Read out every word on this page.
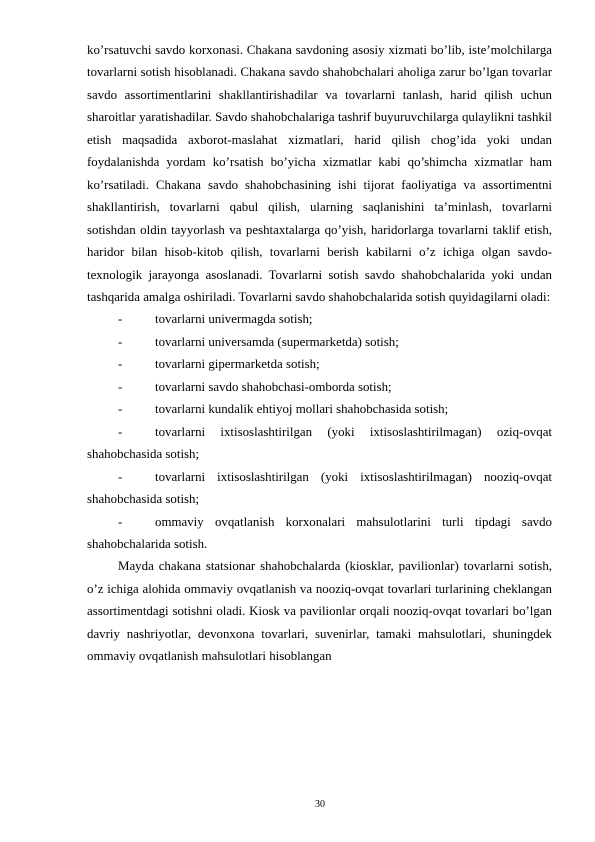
ko’rsatuvchi savdo korxonasi. Chakana savdoning asosiy xizmati bo’lib, iste’molchilarga tovarlarni sotish hisoblanadi. Chakana savdo shahobchalari aholiga zarur bo’lgan tovarlar savdo assortimentlarini shakllantirishadilar va tovarlarni tanlash, harid qilish uchun sharoitlar yaratishadilar. Savdo shahobchalariga tashrif buyuruvchilarga qulaylikni tashkil etish maqsadida axborot-maslahat xizmatlari, harid qilish chog’ida yoki undan foydalanishda yordam ko’rsatish bo’yicha xizmatlar kabi qo’shimcha xizmatlar ham ko’rsatiladi. Chakana savdo shahobchasining ishi tijorat faoliyatiga va assortimentni shakllantirish, tovarlarni qabul qilish, ularning saqlanishini ta’minlash, tovarlarni sotishdan oldin tayyorlash va peshtaxtalarga qo’yish, haridorlarga tovarlarni taklif etish, haridor bilan hisob-kitob qilish, tovarlarni berish kabilarni o’z ichiga olgan savdo-texnologik jarayonga asoslanadi. Tovarlarni sotish savdo shahobchalarida yoki undan tashqarida amalga oshiriladi. Tovarlarni savdo shahobchalarida sotish quyidagilarni oladi:

-	tovarlarni univermagda sotish;

-	tovarlarni universamda (supermarketda) sotish;

-	tovarlarni gipermarketda sotish;

-	tovarlarni savdo shahobchasi-omborda sotish;

-	tovarlarni kundalik ehtiyoj mollari shahobchasida sotish;

-	tovarlarni ixtisoslashtirilgan (yoki ixtisoslashtirilmagan) oziq-ovqat shahobchasida sotish;

-	tovarlarni ixtisoslashtirilgan (yoki ixtisoslashtirilmagan) nooziq-ovqat shahobchasida sotish;

-	ommaviy ovqatlanish korxonalari mahsulotlarini turli tipdagi savdo shahobchalarida sotish.

Mayda chakana statsionar shahobchalarda (kiosklar, pavilionlar) tovarlarni sotish, o’z ichiga alohida ommaviy ovqatlanish va nooziq-ovqat tovarlari turlarining cheklangan assortimentdagi sotishni oladi. Kiosk va pavilionlar orqali nooziq-ovqat tovarlari bo’lgan davriy nashriyotlar, devonxona tovarlari, suvenirlar, tamaki mahsulotlari, shuningdek ommaviy ovqatlanish mahsulotlari hisoblangan

30
